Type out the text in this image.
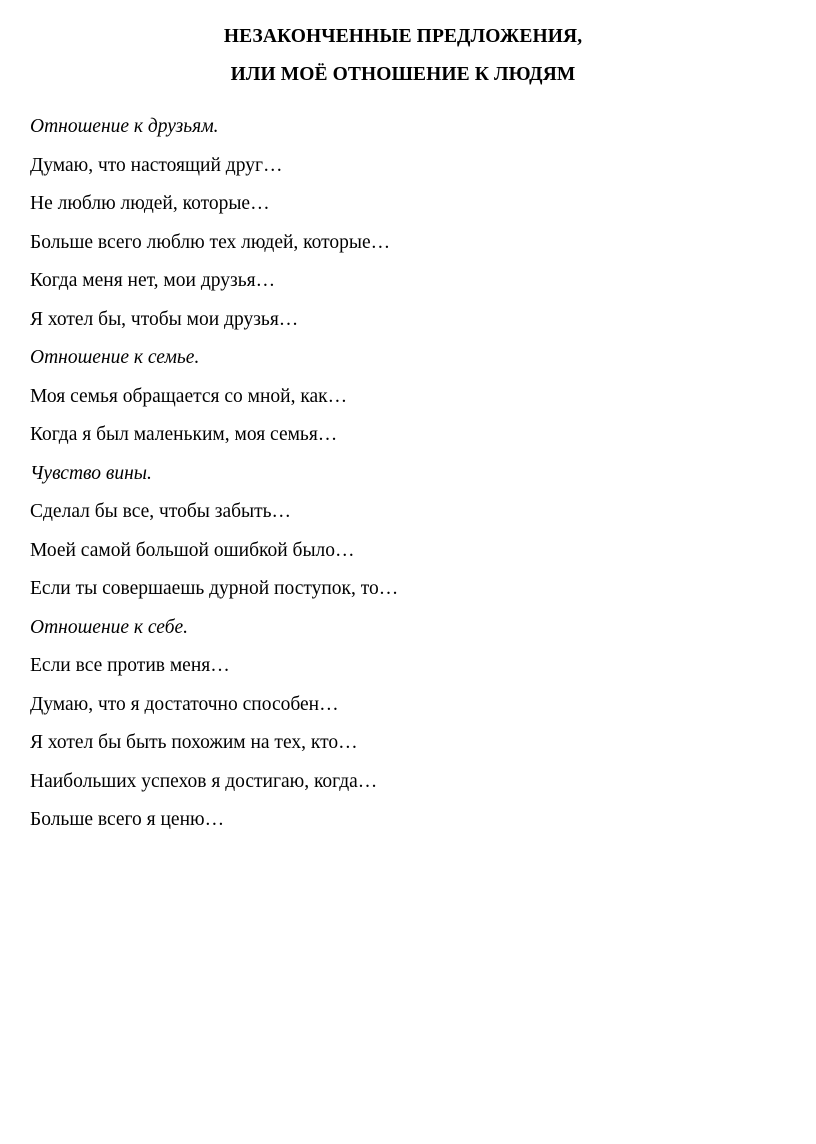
НЕЗАКОНЧЕННЫЕ ПРЕДЛОЖЕНИЯ,

ИЛИ МОЁ ОТНОШЕНИЕ К ЛЮДЯМ

Отношение к друзьям.

Думаю, что настоящий друг…

Не люблю людей, которые…

Больше всего люблю тех людей, которые…

Когда меня нет, мои друзья…

Я хотел бы, чтобы мои друзья…

Отношение к семье.

Моя семья обращается со мной, как…

Когда я был маленьким, моя семья…

Чувство вины.

Сделал бы все, чтобы забыть…

Моей самой большой ошибкой было…

Если ты совершаешь дурной поступок, то…

Отношение к себе.

Если все против меня…

Думаю, что я достаточно способен…

Я хотел бы быть похожим на тех, кто…

Наибольших успехов я достигаю, когда…

Больше всего я ценю…
